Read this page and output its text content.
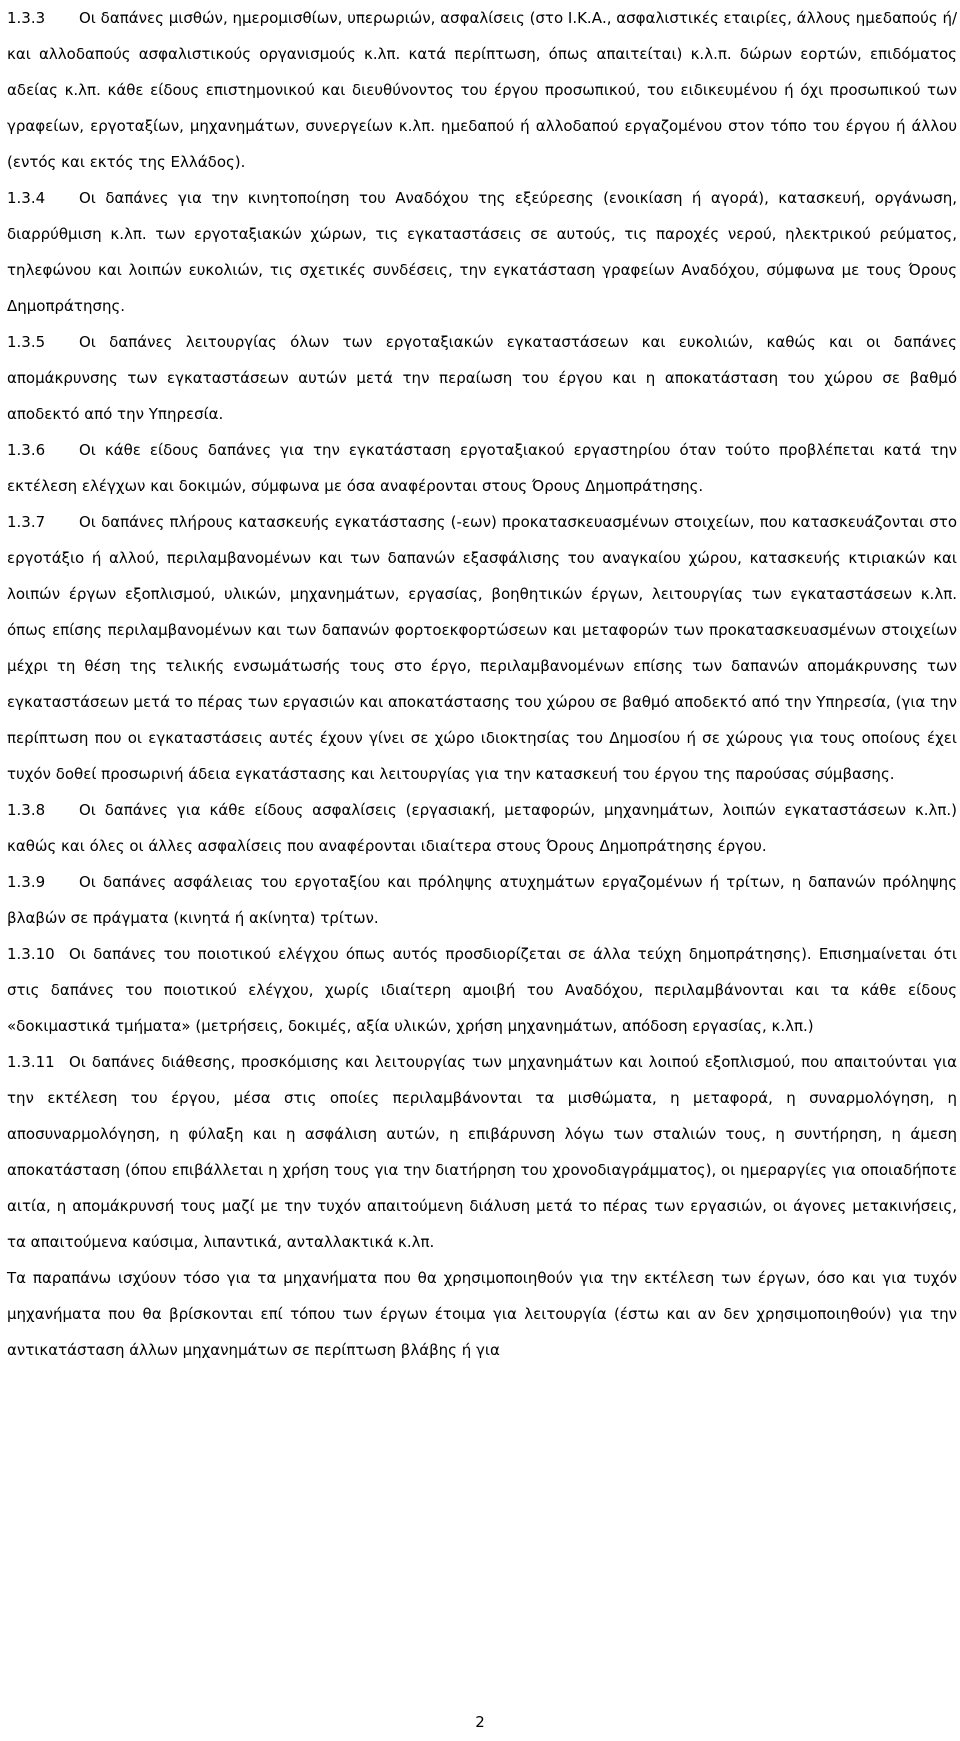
1.3.3 Οι δαπάνες μισθών, ημερομισθίων, υπερωριών, ασφαλίσεις (στο Ι.Κ.Α., ασφαλιστικές εταιρίες, άλλους ημεδαπούς ή/και αλλοδαπούς ασφαλιστικούς οργανισμούς κ.λπ. κατά περίπτωση, όπως απαιτείται) κ.λ.π. δώρων εορτών, επιδόματος αδείας κ.λπ. κάθε είδους επιστημονικού και διευθύνοντος του έργου προσωπικού, του ειδικευμένου ή όχι προσωπικού των γραφείων, εργοταξίων, μηχανημάτων, συνεργείων κ.λπ. ημεδαπού ή αλλοδαπού εργαζομένου στον τόπο του έργου ή άλλου (εντός και εκτός της Ελλάδος).

1.3.4 Οι δαπάνες για την κινητοποίηση του Αναδόχου της εξεύρεσης (ενοικίαση ή αγορά), κατασκευή, οργάνωση, διαρρύθμιση κ.λπ. των εργοταξιακών χώρων, τις εγκαταστάσεις σε αυτούς, τις παροχές νερού, ηλεκτρικού ρεύματος, τηλεφώνου και λοιπών ευκολιών, τις σχετικές συνδέσεις, την εγκατάσταση γραφείων Αναδόχου, σύμφωνα με τους Όρους Δημοπράτησης.

1.3.5 Οι δαπάνες λειτουργίας όλων των εργοταξιακών εγκαταστάσεων και ευκολιών, καθώς και οι δαπάνες απομάκρυνσης των εγκαταστάσεων αυτών μετά την περαίωση του έργου και η αποκατάσταση του χώρου σε βαθμό αποδεκτό από την Υπηρεσία.

1.3.6 Οι κάθε είδους δαπάνες για την εγκατάσταση εργοταξιακού εργαστηρίου όταν τούτο προβλέπεται κατά την εκτέλεση ελέγχων και δοκιμών, σύμφωνα με όσα αναφέρονται στους Όρους Δημοπράτησης.

1.3.7 Οι δαπάνες πλήρους κατασκευής εγκατάστασης (-εων) προκατασκευασμένων στοιχείων, που κατασκευάζονται στο εργοτάξιο ή αλλού, περιλαμβανομένων και των δαπανών εξασφάλισης του αναγκαίου χώρου, κατασκευής κτιριακών και λοιπών έργων εξοπλισμού, υλικών, μηχανημάτων, εργασίας, βοηθητικών έργων, λειτουργίας των εγκαταστάσεων κ.λπ. όπως επίσης περιλαμβανομένων και των δαπανών φορτοεκφορτώσεων και μεταφορών των προκατασκευασμένων στοιχείων μέχρι τη θέση της τελικής ενσωμάτωσής τους στο έργο, περιλαμβανομένων επίσης των δαπανών απομάκρυνσης των εγκαταστάσεων μετά το πέρας των εργασιών και αποκατάστασης του χώρου σε βαθμό αποδεκτό από την Υπηρεσία, (για την περίπτωση που οι εγκαταστάσεις αυτές έχουν γίνει σε χώρο ιδιοκτησίας του Δημοσίου ή σε χώρους για τους οποίους έχει τυχόν δοθεί προσωρινή άδεια εγκατάστασης και λειτουργίας για την κατασκευή του έργου της παρούσας σύμβασης.

1.3.8 Οι δαπάνες για κάθε είδους ασφαλίσεις (εργασιακή, μεταφορών, μηχανημάτων, λοιπών εγκαταστάσεων κ.λπ.) καθώς και όλες οι άλλες ασφαλίσεις που αναφέρονται ιδιαίτερα στους Όρους Δημοπράτησης έργου.

1.3.9 Οι δαπάνες ασφάλειας του εργοταξίου και πρόληψης ατυχημάτων εργαζομένων ή τρίτων, η δαπανών πρόληψης βλαβών σε πράγματα (κινητά ή ακίνητα) τρίτων.

1.3.10 Οι δαπάνες του ποιοτικού ελέγχου όπως αυτός προσδιορίζεται σε άλλα τεύχη δημοπράτησης). Επισημαίνεται ότι στις δαπάνες του ποιοτικού ελέγχου, χωρίς ιδιαίτερη αμοιβή του Αναδόχου, περιλαμβάνονται και τα κάθε είδους «δοκιμαστικά τμήματα» (μετρήσεις, δοκιμές, αξία υλικών, χρήση μηχανημάτων, απόδοση εργασίας, κ.λπ.)

1.3.11 Οι δαπάνες διάθεσης, προσκόμισης και λειτουργίας των μηχανημάτων και λοιπού εξοπλισμού, που απαιτούνται για την εκτέλεση του έργου, μέσα στις οποίες περιλαμβάνονται τα μισθώματα, η μεταφορά, η συναρμολόγηση, η αποσυναρμολόγηση, η φύλαξη και η ασφάλιση αυτών, η επιβάρυνση λόγω των σταλιών τους, η συντήρηση, η άμεση αποκατάσταση (όπου επιβάλλεται η χρήση τους για την διατήρηση του χρονοδιαγράμματος), οι ημεραργίες για οποιαδήποτε αιτία, η απομάκρυνσή τους μαζί με την τυχόν απαιτούμενη διάλυση μετά το πέρας των εργασιών, οι άγονες μετακινήσεις, τα απαιτούμενα καύσιμα, λιπαντικά, ανταλλακτικά κ.λπ.

Τα παραπάνω ισχύουν τόσο για τα μηχανήματα που θα χρησιμοποιηθούν για την εκτέλεση των έργων, όσο και για τυχόν μηχανήματα που θα βρίσκονται επί τόπου των έργων έτοιμα για λειτουργία (έστω και αν δεν χρησιμοποιηθούν) για την αντικατάσταση άλλων μηχανημάτων σε περίπτωση βλάβης ή για

2
